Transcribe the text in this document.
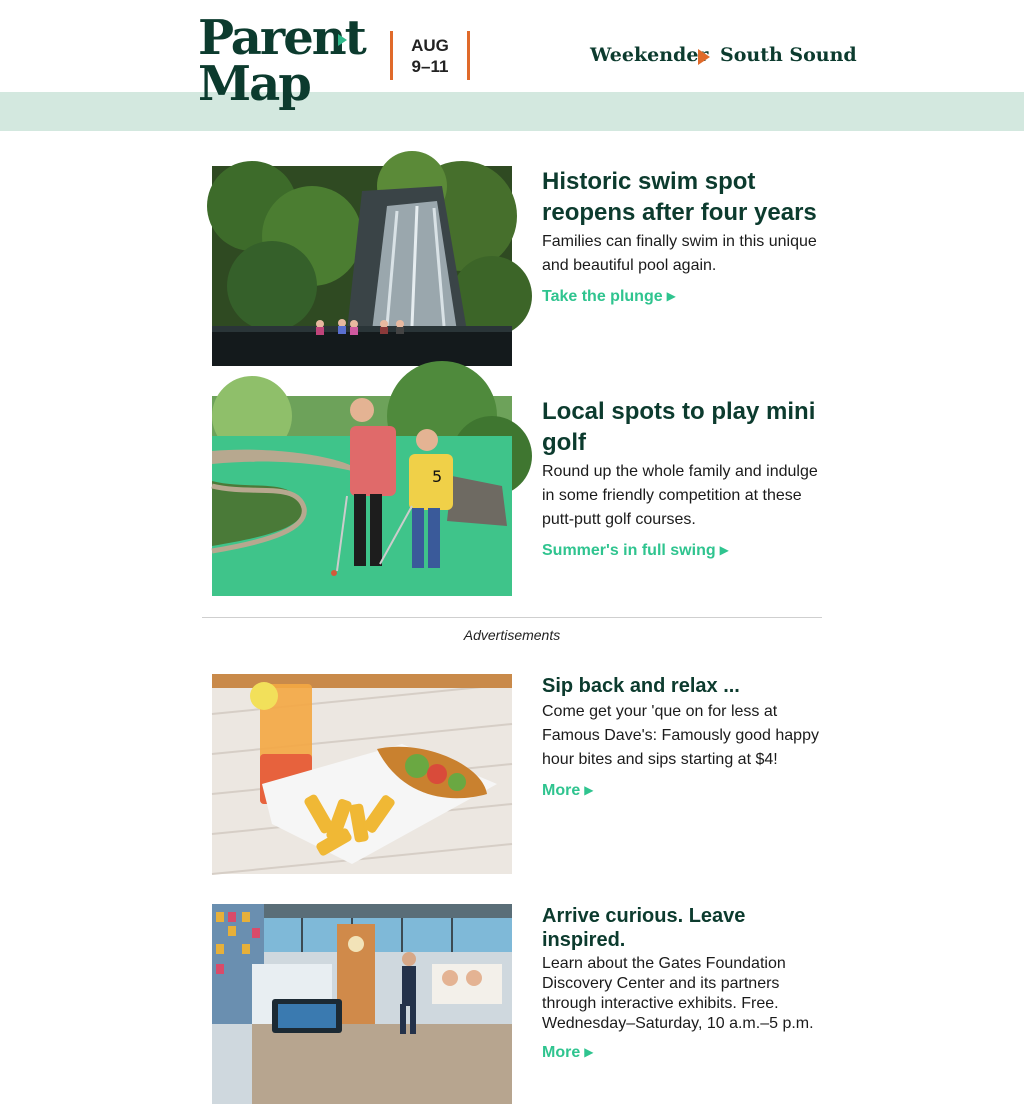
Parent
Map
AUG
9–11
Weekender South Sound
Historic swim spot reopens after four years
Families can finally swim in this unique and beautiful pool again.
Take the plunge ▶
5
Local spots to play mini golf
Round up the whole family and indulge in some friendly competition at these putt-putt golf courses.
Summer's in full swing ▶
Advertisements
Sip back and relax ...
Come get your 'que on for less at Famous Dave's: Famously good happy hour bites and sips starting at $4!
More ▶
Arrive curious. Leave inspired.
Learn about the Gates Foundation Discovery Center and its partners through interactive exhibits. Free. Wednesday–Saturday, 10 a.m.–5 p.m.
More ▶
